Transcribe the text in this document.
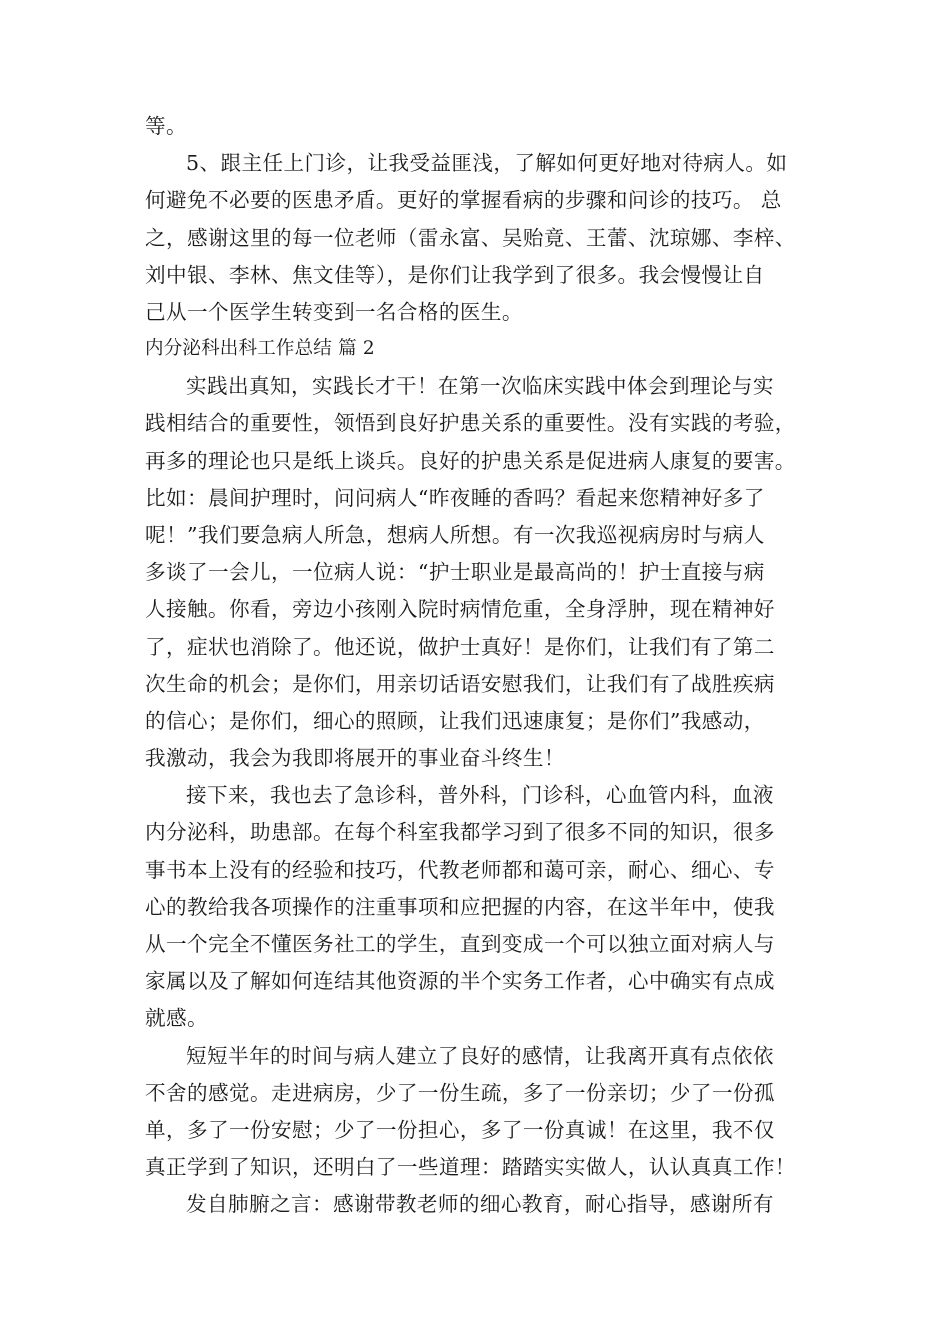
等。
5、跟主任上门诊，让我受益匪浅，了解如何更好地对待病人。如
何避免不必要的医患矛盾。更好的掌握看病的步骤和问诊的技巧。 总
之，感谢这里的每一位老师（雷永富、吴贻竟、王蕾、沈琼娜、李梓、
刘中银、李林、焦文佳等），是你们让我学到了很多。我会慢慢让自
己从一个医学生转变到一名合格的医生。
内分泌科出科工作总结 篇 2
实践出真知，实践长才干！在第一次临床实践中体会到理论与实
践相结合的重要性，领悟到良好护患关系的重要性。没有实践的考验，
再多的理论也只是纸上谈兵。良好的护患关系是促进病人康复的要害。
比如：晨间护理时，问问病人“昨夜睡的香吗？看起来您精神好多了
呢！”我们要急病人所急，想病人所想。有一次我巡视病房时与病人
多谈了一会儿，一位病人说：“护士职业是最高尚的！护士直接与病
人接触。你看，旁边小孩刚入院时病情危重，全身浮肿，现在精神好
了，症状也消除了。他还说，做护士真好！是你们，让我们有了第二
次生命的机会；是你们，用亲切话语安慰我们，让我们有了战胜疾病
的信心；是你们，细心的照顾，让我们迅速康复；是你们”我感动，
我激动，我会为我即将展开的事业奋斗终生！
接下来，我也去了急诊科，普外科，门诊科，心血管内科，血液
内分泌科，助患部。在每个科室我都学习到了很多不同的知识，很多
事书本上没有的经验和技巧，代教老师都和蔼可亲，耐心、细心、专
心的教给我各项操作的注重事项和应把握的内容，在这半年中，使我
从一个完全不懂医务社工的学生，直到变成一个可以独立面对病人与
家属以及了解如何连结其他资源的半个实务工作者，心中确实有点成
就感。
短短半年的时间与病人建立了良好的感情，让我离开真有点依依
不舍的感觉。走进病房，少了一份生疏，多了一份亲切；少了一份孤
单，多了一份安慰；少了一份担心，多了一份真诚！在这里，我不仅
真正学到了知识，还明白了一些道理：踏踏实实做人，认认真真工作！
发自肺腑之言：感谢带教老师的细心教育，耐心指导，感谢所有
